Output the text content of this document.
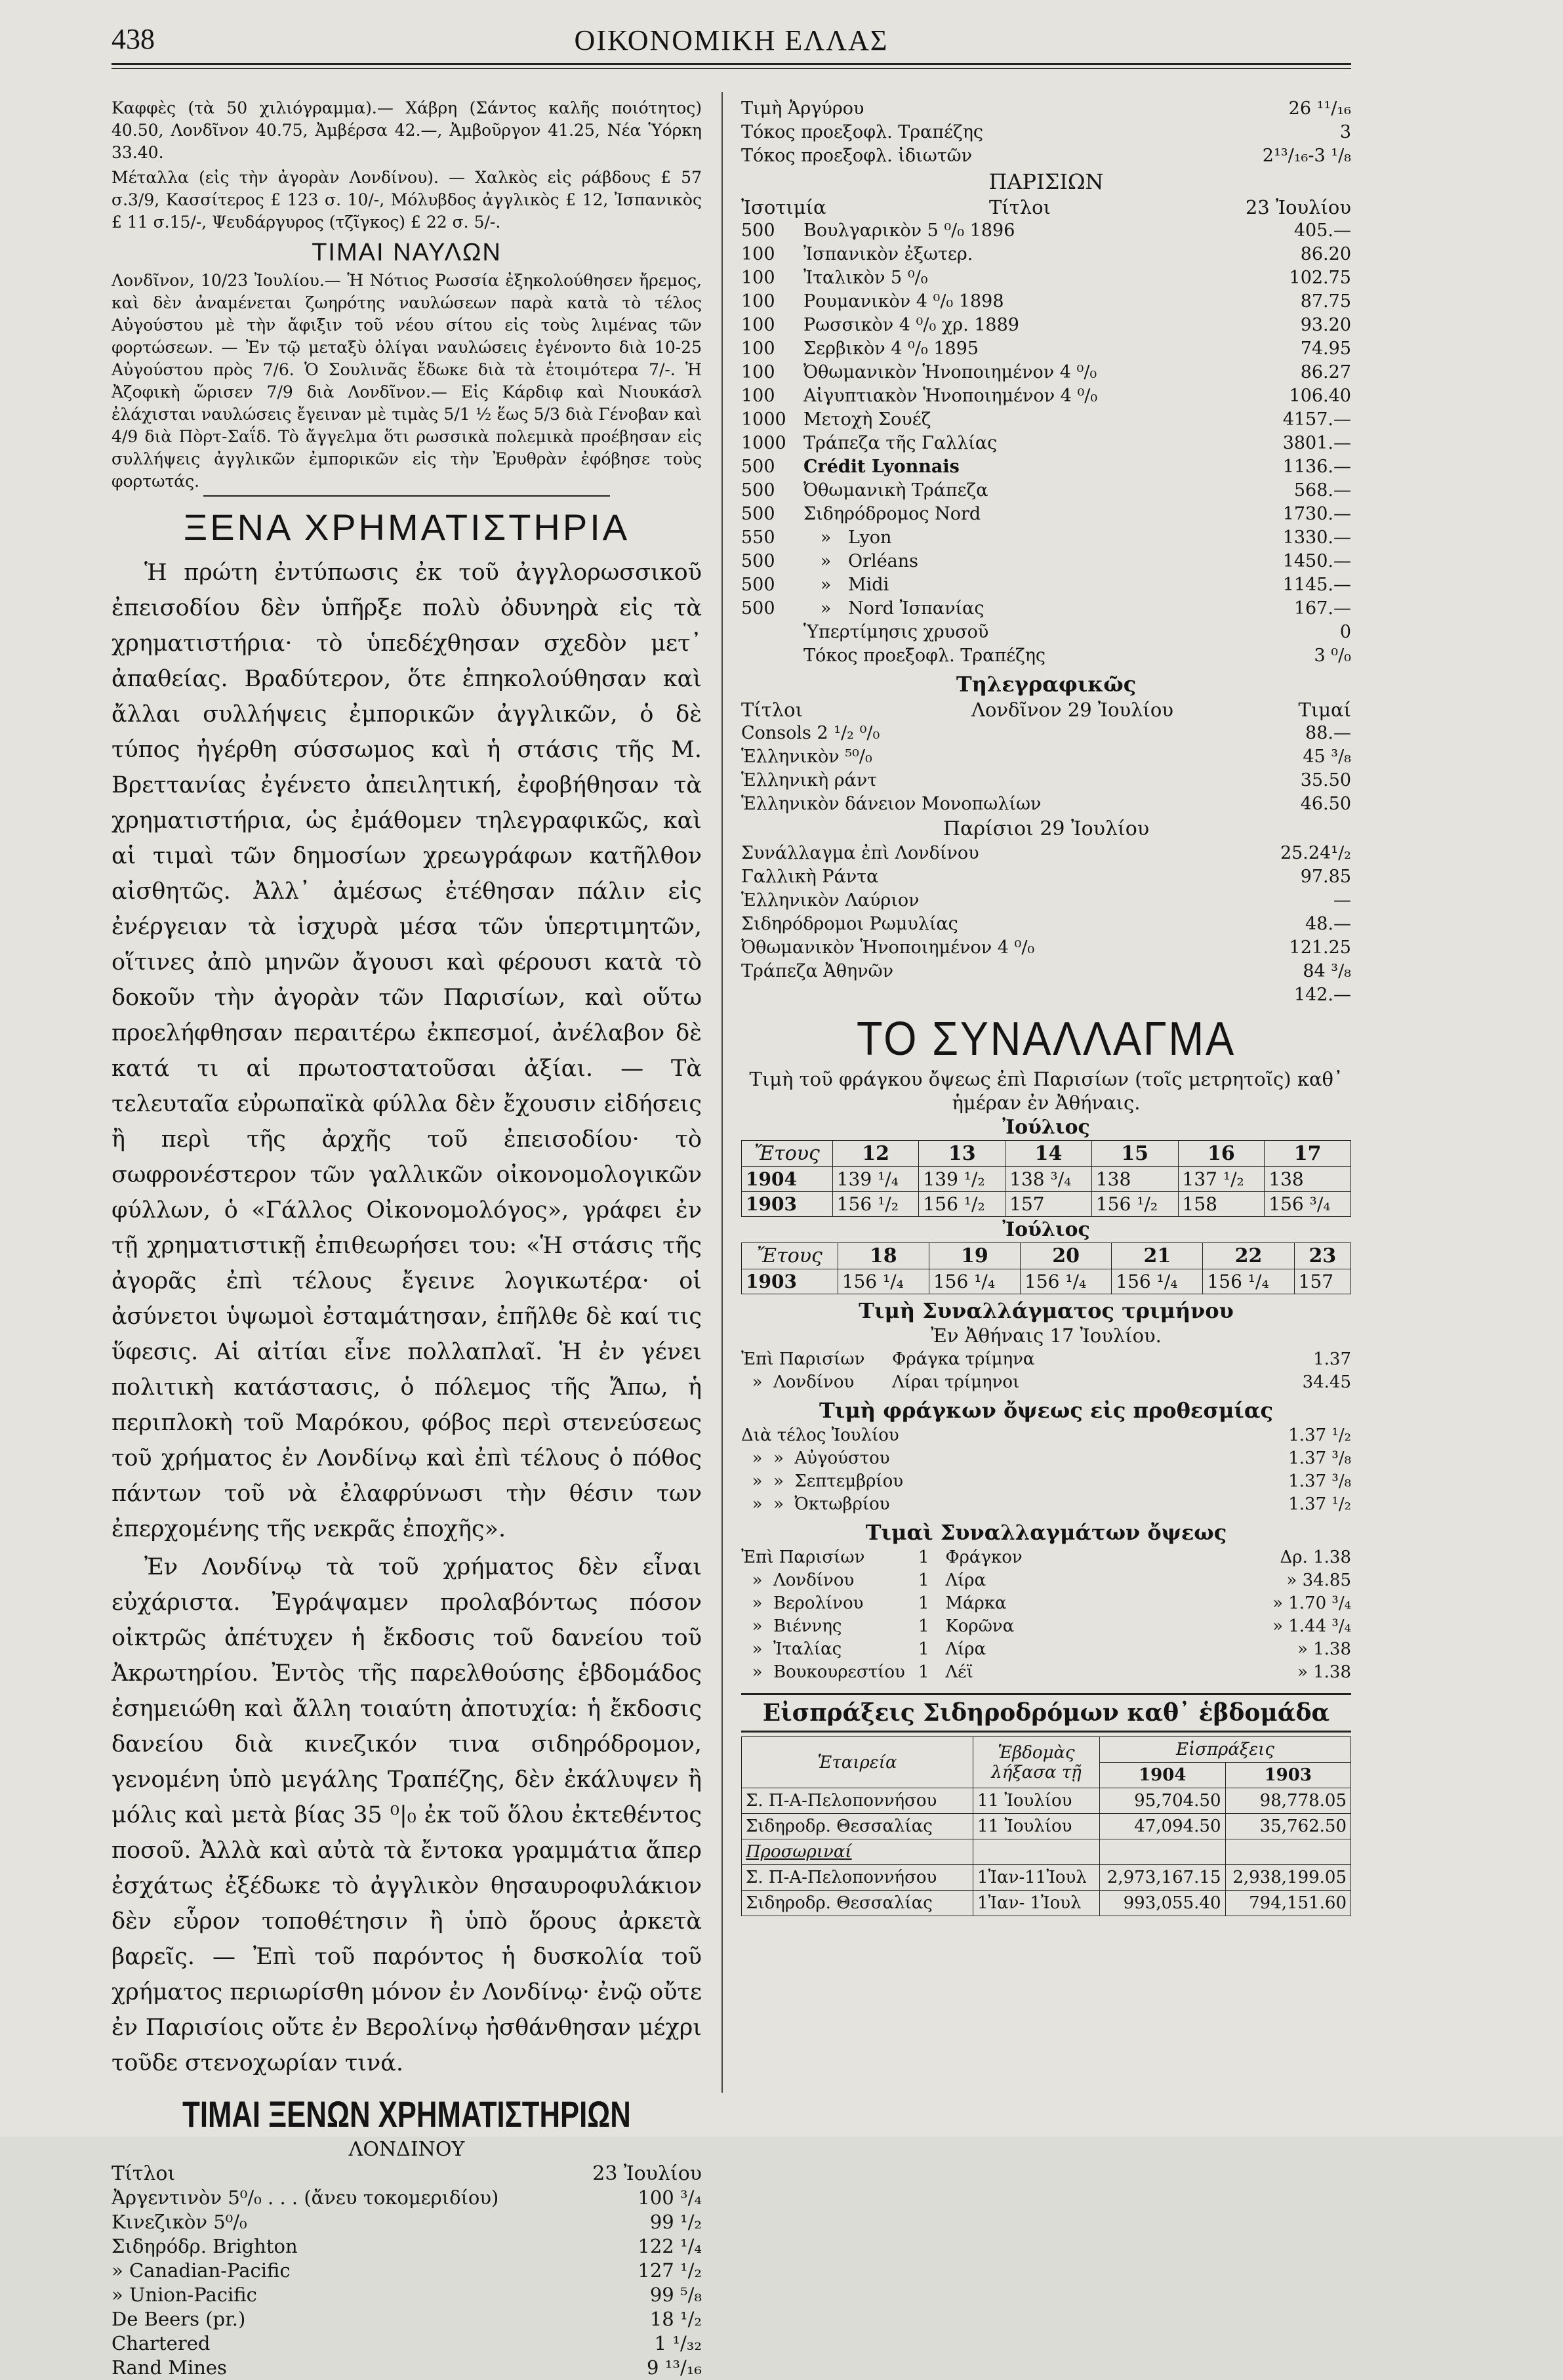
438	ΟΙΚΟΝΟΜΙΚΗ ΕΛΛΑΣ

Καφφὲς (τὰ 50 χιλιόγραμμα).— Χάβρη (Σάντος καλῆς ποιότητος) 40.50, Λονδῖνον 40.75, Ἀμβέρσα 42.—, Ἀμβοῦργον 41.25, Νέα Ὑόρκη 33.40.

Μέταλλα (εἰς τὴν ἀγορὰν Λονδίνου). — Χαλκὸς εἰς ράβδους £ 57 σ.3/9, Κασσίτερος £ 123 σ. 10/-, Μόλυβδος ἀγγλικὸς £ 12, Ἰσπανικὸς £ 11 σ.15/-, Ψευδάργυρος (τζῖγκος) £ 22 σ. 5/-.

ΤΙΜΑΙ ΝΑΥΛΩΝ

Λονδῖνον, 10/23 Ἰουλίου.— Ἡ Νότιος Ρωσσία ἐξηκολούθησεν ἤρεμος, καὶ δὲν ἀναμένεται ζωηρότης ναυλώσεων παρὰ κατὰ τὸ τέλος Αὐγούστου μὲ τὴν ἄφιξιν τοῦ νέου σίτου εἰς τοὺς λιμένας τῶν φορτώσεων. — Ἐν τῷ μεταξὺ ὀλίγαι ναυλώσεις ἐγένοντο διὰ 10-25 Αὐγούστου πρὸς 7/6. Ὁ Σουλινᾶς ἔδωκε διὰ τὰ ἑτοιμότερα 7/-. Ἡ Ἀζοφικὴ ὥρισεν 7/9 διὰ Λονδῖνον.— Εἰς Κάρδιφ καὶ Νιουκάσλ ἐλάχισται ναυλώσεις ἔγειναν μὲ τιμὰς 5/1 ½ ἕως 5/3 διὰ Γένοβαν καὶ 4/9 διὰ Πὸρτ-Σαΐδ. Τὸ ἄγγελμα ὅτι ρωσσικὰ πολεμικὰ προέβησαν εἰς συλλήψεις ἀγγλικῶν ἐμπορικῶν εἰς τὴν Ἐρυθρὰν ἐφόβησε τοὺς φορτωτάς.

ΞΕΝΑ ΧΡΗΜΑΤΙΣΤΗΡΙΑ

Ἡ πρώτη ἐντύπωσις ἐκ τοῦ ἀγγλορωσσικοῦ ἐπεισοδίου δὲν ὑπῆρξε πολὺ ὀδυνηρὰ εἰς τὰ χρηματιστήρια· τὸ ὑπεδέχθησαν σχεδὸν μετ᾿ ἀπαθείας. Βραδύτερον, ὅτε ἐπηκολούθησαν καὶ ἄλλαι συλλήψεις ἐμπορικῶν ἀγγλικῶν, ὁ δὲ τύπος ἠγέρθη σύσσωμος καὶ ἡ στάσις τῆς Μ. Βρεττανίας ἐγένετο ἀπειλητική, ἐφοβήθησαν τὰ χρηματιστήρια, ὡς ἐμάθομεν τηλεγραφικῶς, καὶ αἱ τιμαὶ τῶν δημοσίων χρεωγράφων κατῆλθον αἰσθητῶς. Ἀλλ᾿ ἀμέσως ἐτέθησαν πάλιν εἰς ἐνέργειαν τὰ ἰσχυρὰ μέσα τῶν ὑπερτιμητῶν, οἵτινες ἀπὸ μηνῶν ἄγουσι καὶ φέρουσι κατὰ τὸ δοκοῦν τὴν ἀγορὰν τῶν Παρισίων, καὶ οὕτω προελήφθησαν περαιτέρω ἐκπεσμοί, ἀνέλαβον δὲ κατά τι αἱ πρωτοστατοῦσαι ἀξίαι. — Τὰ τελευταῖα εὐρωπαϊκὰ φύλλα δὲν ἔχουσιν εἰδήσεις ἢ περὶ τῆς ἀρχῆς τοῦ ἐπεισοδίου· τὸ σωφρονέστερον τῶν γαλλικῶν οἰκονομολογικῶν φύλλων, ὁ «Γάλλος Οἰκονομολόγος», γράφει ἐν τῇ χρηματιστικῇ ἐπιθεωρήσει του: «Ἡ στάσις τῆς ἀγορᾶς ἐπὶ τέλους ἔγεινε λογικωτέρα· οἱ ἀσύνετοι ὑψωμοὶ ἐσταμάτησαν, ἐπῆλθε δὲ καί τις ὕφεσις. Αἱ αἰτίαι εἶνε πολλαπλαῖ. Ἡ ἐν γένει πολιτικὴ κατάστασις, ὁ πόλεμος τῆς Ἄπω, ἡ περιπλοκὴ τοῦ Μαρόκου, φόβος περὶ στενεύσεως τοῦ χρήματος ἐν Λονδίνῳ καὶ ἐπὶ τέλους ὁ πόθος πάντων τοῦ νὰ ἐλαφρύνωσι τὴν θέσιν των ἐπερχομένης τῆς νεκρᾶς ἐποχῆς».

Ἐν Λονδίνῳ τὰ τοῦ χρήματος δὲν εἶναι εὐχάριστα. Ἐγράψαμεν προλαβόντως πόσον οἰκτρῶς ἀπέτυχεν ἡ ἔκδοσις τοῦ δανείου τοῦ Ἀκρωτηρίου. Ἐντὸς τῆς παρελθούσης ἑβδομάδος ἐσημειώθη καὶ ἄλλη τοιαύτη ἀποτυχία: ἡ ἔκδοσις δανείου διὰ κινεζικόν τινα σιδηρόδρομον, γενομένη ὑπὸ μεγάλης Τραπέζης, δὲν ἐκάλυψεν ἢ μόλις καὶ μετὰ βίας 35 ⁰|₀ ἐκ τοῦ ὅλου ἐκτεθέντος ποσοῦ. Ἀλλὰ καὶ αὐτὰ τὰ ἔντοκα γραμμάτια ἅπερ ἐσχάτως ἐξέδωκε τὸ ἀγγλικὸν θησαυροφυλάκιον δὲν εὗρον τοποθέτησιν ἢ ὑπὸ ὅρους ἀρκετὰ βαρεῖς. — Ἐπὶ τοῦ παρόντος ἡ δυσκολία τοῦ χρήματος περιωρίσθη μόνον ἐν Λονδίνῳ· ἐνῷ οὔτε ἐν Παρισίοις οὔτε ἐν Βερολίνῳ ἠσθάνθησαν μέχρι τοῦδε στενοχωρίαν τινά.

ΤΙΜΑΙ ΞΕΝΩΝ ΧΡΗΜΑΤΙΣΤΗΡΙΩΝ
ΛΟΝΔΙΝΟΥ
Τίτλοι	23 Ἰουλίου
Ἀργεντινὸν 5⁰/₀ . . . (ἄνευ τοκομεριδίου)	100 ³/₄
Κινεζικὸν 5⁰/₀	99 ¹/₂
Σιδηρόδρ. Brighton	122 ¹/₄
» Canadian-Pacific	127 ¹/₂
» Union-Pacific	99 ⁵/₈
De Beers (pr.)	18 ¹/₂
Chartered	1 ¹/₃₂
Rand Mines	9 ¹³/₁₆
Τιμὴ Ἀργύρου	26 ¹¹/₁₆
Τόκος προεξοφλ. Τραπέζης	3
Τόκος προεξοφλ. ἰδιωτῶν	2¹³/₁₆-3 ¹/₈
ΠΑΡΙΣΙΩΝ
Ἰσοτιμία	Τίτλοι	23 Ἰουλίου
500	Βουλγαρικὸν 5 ⁰/₀ 1896	405.—
100	Ἰσπανικὸν ἐξωτερ.	86.20
100	Ἰταλικὸν 5 ⁰/₀	102.75
100	Ρουμανικὸν 4 ⁰/₀ 1898	87.75
100	Ρωσσικὸν 4 ⁰/₀ χρ. 1889	93.20
100	Σερβικὸν 4 ⁰/₀ 1895	74.95
100	Ὀθωμανικὸν Ἡνοποιημένον 4 ⁰/₀	86.27
100	Αἰγυπτιακὸν Ἡνοποιημένον 4 ⁰/₀	106.40
1000 Μετοχὴ Σουέζ	4157.—
1000 Τράπεζα τῆς Γαλλίας	3801.—
500	Crédit Lyonnais	1136.—
500	Ὀθωμανικὴ Τράπεζα	568.—
500	Σιδηρόδρομος Nord	1730.—
550	»   Lyon	1330.—
500	»   Orléans	1450.—
500	»   Midi	1145.—
500	»   Nord Ἰσπανίας	167.—
Ὑπερτίμησις χρυσοῦ	0
Τόκος προεξοφλ. Τραπέζης	3 ⁰/₀
Τηλεγραφικῶς
Τίτλοι	Λονδῖνον 29 Ἰουλίου	Τιμαί
Consols 2 ¹/₂ ⁰/₀	88.—
Ἑλληνικὸν ⁵⁰/₀	45 ³/₈
Ἑλληνικὴ ράντ	35.50
Ἑλληνικὸν δάνειον Μονοπωλίων	46.50
Παρίσιοι 29 Ἰουλίου
Συνάλλαγμα ἐπὶ Λονδίνου	25.24¹/₂
Γαλλικὴ Ράντα	97.85
Ἑλληνικὸν Λαύριον	—
Σιδηρόδρομοι Ρωμυλίας	48.—
Ὀθωμανικὸν Ἡνοποιημένον 4 ⁰/₀	121.25
Τράπεζα Ἀθηνῶν	84 ³/₈
142.—
ΤΟ ΣΥΝΑΛΛΑΓΜΑ
Τιμὴ τοῦ φράγκου ὄψεως ἐπὶ Παρισίων (τοῖς μετρητοῖς) καθ᾿ ἡμέραν ἐν Ἀθήναις.
Ἰούλιος
Ἔτους	12	13	14	15	16	17
1904	139 ¹/₄	139 ¹/₂	138 ³/₄	138	137 ¹/₂	138
1903	156 ¹/₂	156 ¹/₂	157	156 ¹/₂	158	156 ³/₄
Ἰούλιος
Ἔτους	18	19	20	21	22	23
1903	156 ¹/₄	156 ¹/₄	156 ¹/₄	156 ¹/₄	156 ¹/₄	157
Τιμὴ Συναλλάγματος τριμήνου
Ἐν Ἀθήναις 17 Ἰουλίου.
Ἐπὶ Παρισίων	Φράγκα τρίμηνα	1.37
»  Λονδίνου	Λίραι τρίμηνοι	34.45
Τιμὴ φράγκων ὄψεως εἰς προθεσμίας
Διὰ τέλος Ἰουλίου	1.37 ¹/₂
»  »  Αὐγούστου	1.37 ³/₈
»  »  Σεπτεμβρίου	1.37 ³/₈
»  »  Ὀκτωβρίου	1.37 ¹/₂
Τιμαὶ Συναλλαγμάτων ὄψεως
Ἐπὶ Παρισίων	1   Φράγκον	Δρ. 1.38
»  Λονδίνου	1   Λίρα	» 34.85
»  Βερολίνου	1   Μάρκα	» 1.70 ³/₄
»  Βιέννης	1   Κορῶνα	» 1.44 ³/₄
»  Ἰταλίας	1   Λίρα	» 1.38
»  Βουκουρεστίου 1   Λέϊ	» 1.38
Εἰσπράξεις Σιδηροδρόμων καθ᾿ ἑβδομάδα
Ἑταιρεία	Ἑβδομὰς λήξασα τῇ	Εἰσπράξεις	
		1904	1903
Σ. Π-Α-Πελοποννήσου	11 Ἰουλίου	95,704.50	98,778.05
Σιδηροδρ. Θεσσαλίας	11 Ἰουλίου	47,094.50	35,762.50
Προσωριναί			
Σ. Π-Α-Πελοποννήσου	1Ἰαν-11Ἰουλ	2,973,167.15	2,938,199.05
Σιδηροδρ. Θεσσαλίας	1Ἰαν- 1Ἰουλ	993,055.40	794,151.60
